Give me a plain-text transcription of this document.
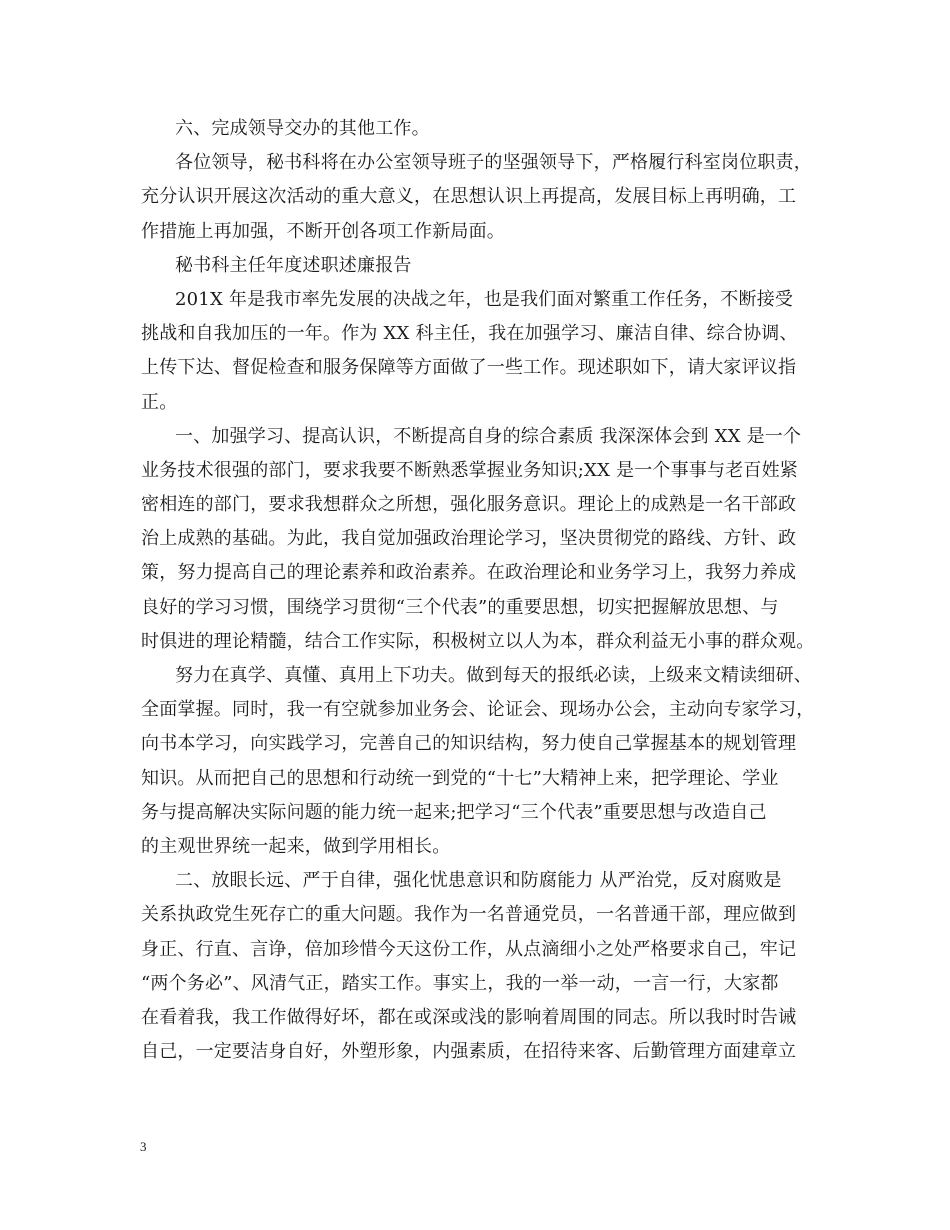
六、完成领导交办的其他工作。
各位领导，秘书科将在办公室领导班子的坚强领导下，严格履行科室岗位职责，
充分认识开展这次活动的重大意义，在思想认识上再提高，发展目标上再明确，工
作措施上再加强，不断开创各项工作新局面。
秘书科主任年度述职述廉报告
201X 年是我市率先发展的决战之年，也是我们面对繁重工作任务，不断接受
挑战和自我加压的一年。作为 XX 科主任，我在加强学习、廉洁自律、综合协调、
上传下达、督促检查和服务保障等方面做了一些工作。现述职如下，请大家评议指
正。
一、加强学习、提高认识，不断提高自身的综合素质 我深深体会到 XX 是一个
业务技术很强的部门，要求我要不断熟悉掌握业务知识;XX 是一个事事与老百姓紧
密相连的部门，要求我想群众之所想，强化服务意识。理论上的成熟是一名干部政
治上成熟的基础。为此，我自觉加强政治理论学习，坚决贯彻党的路线、方针、政
策，努力提高自己的理论素养和政治素养。在政治理论和业务学习上，我努力养成
良好的学习习惯，围绕学习贯彻“三个代表”的重要思想，切实把握解放思想、与
时俱进的理论精髓，结合工作实际，积极树立以人为本，群众利益无小事的群众观。
努力在真学、真懂、真用上下功夫。做到每天的报纸必读，上级来文精读细研、
全面掌握。同时，我一有空就参加业务会、论证会、现场办公会，主动向专家学习，
向书本学习，向实践学习，完善自己的知识结构，努力使自己掌握基本的规划管理
知识。从而把自己的思想和行动统一到党的“十七”大精神上来，把学理论、学业
务与提高解决实际问题的能力统一起来;把学习“三个代表”重要思想与改造自己
的主观世界统一起来，做到学用相长。
二、放眼长远、严于自律，强化忧患意识和防腐能力 从严治党，反对腐败是
关系执政党生死存亡的重大问题。我作为一名普通党员，一名普通干部，理应做到
身正、行直、言诤，倍加珍惜今天这份工作，从点滴细小之处严格要求自己，牢记
“两个务必”、风清气正，踏实工作。事实上，我的一举一动，一言一行，大家都
在看着我，我工作做得好坏，都在或深或浅的影响着周围的同志。所以我时时告诫
自己，一定要洁身自好，外塑形象，内强素质，在招待来客、后勤管理方面建章立
3
